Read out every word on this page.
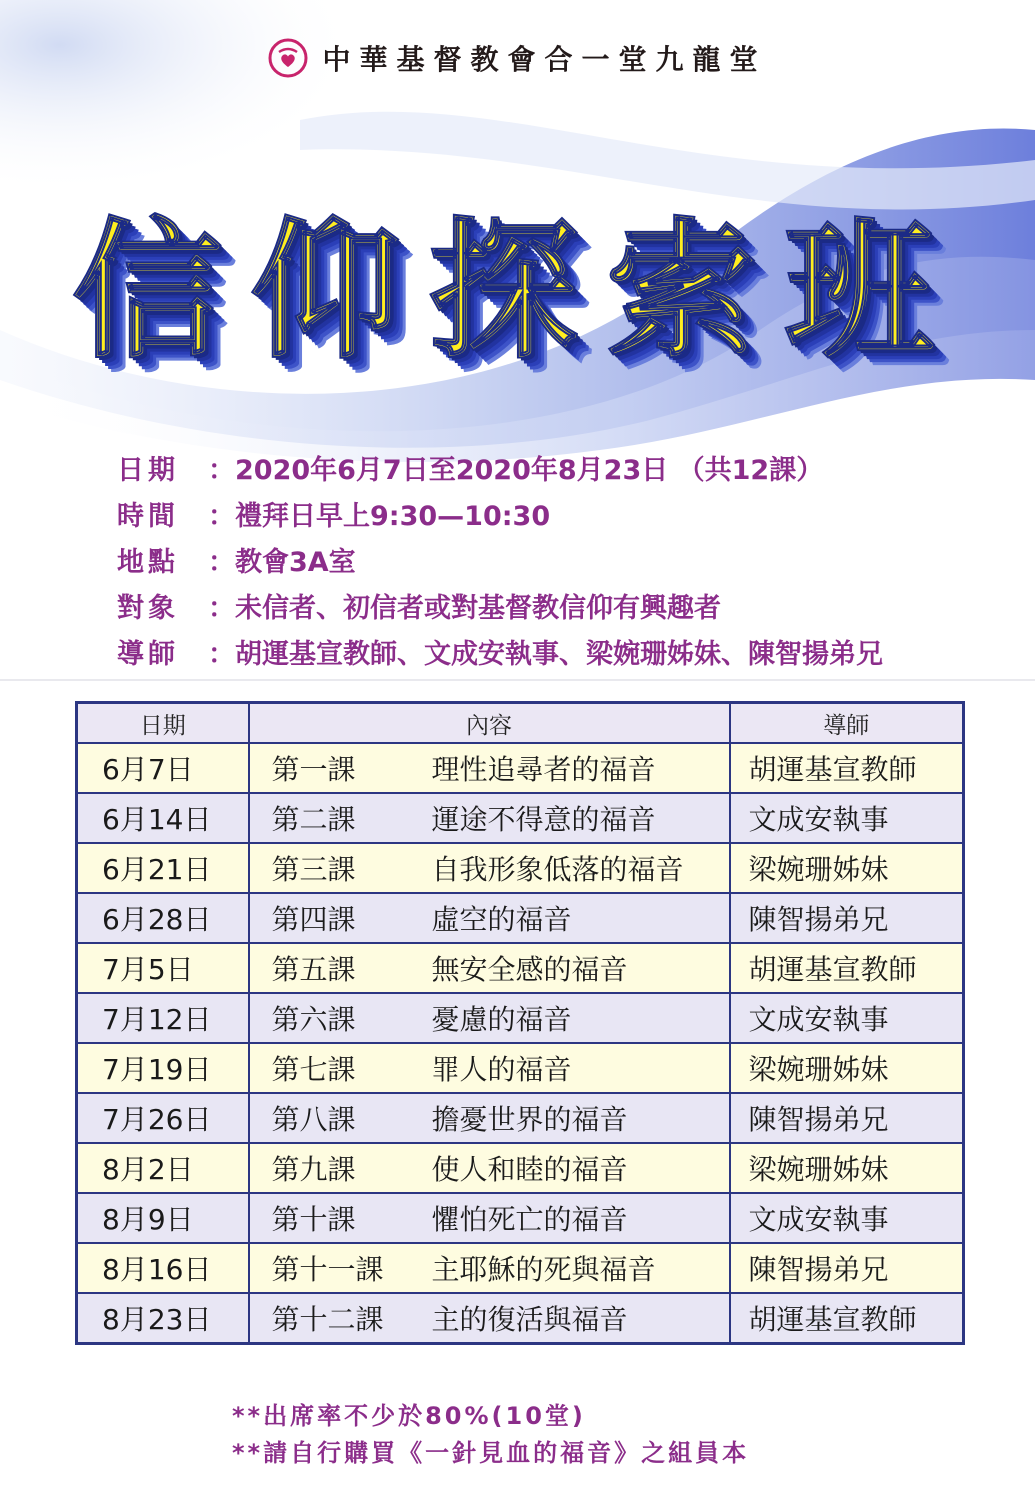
中華基督教會合一堂九龍堂
信仰探索班
日期	： 2020年6月7日至2020年8月23日 （共12課）
時間	： 禮拜日早上9:30—10:30
地點	： 教會3A室
對象	： 未信者、初信者或對基督教信仰有興趣者
導師	： 胡運基宣教師、文成安執事、梁婉珊姊妹、陳智揚弟兄
日期	內容	導師
6月7日	第一課 理性追尋者的福音	胡運基宣教師
6月14日	第二課 運途不得意的福音	文成安執事
6月21日	第三課 自我形象低落的福音	梁婉珊姊妹
6月28日	第四課 虛空的福音	陳智揚弟兄
7月5日	第五課 無安全感的福音	胡運基宣教師
7月12日	第六課 憂慮的福音	文成安執事
7月19日	第七課 罪人的福音	梁婉珊姊妹
7月26日	第八課 擔憂世界的福音	陳智揚弟兄
8月2日	第九課 使人和睦的福音	梁婉珊姊妹
8月9日	第十課 懼怕死亡的福音	文成安執事
8月16日	第十一課 主耶穌的死與福音	陳智揚弟兄
8月23日	第十二課 主的復活與福音	胡運基宣教師
**出席率不少於80%(10堂)
**請自行購買《一針見血的福音》之組員本
